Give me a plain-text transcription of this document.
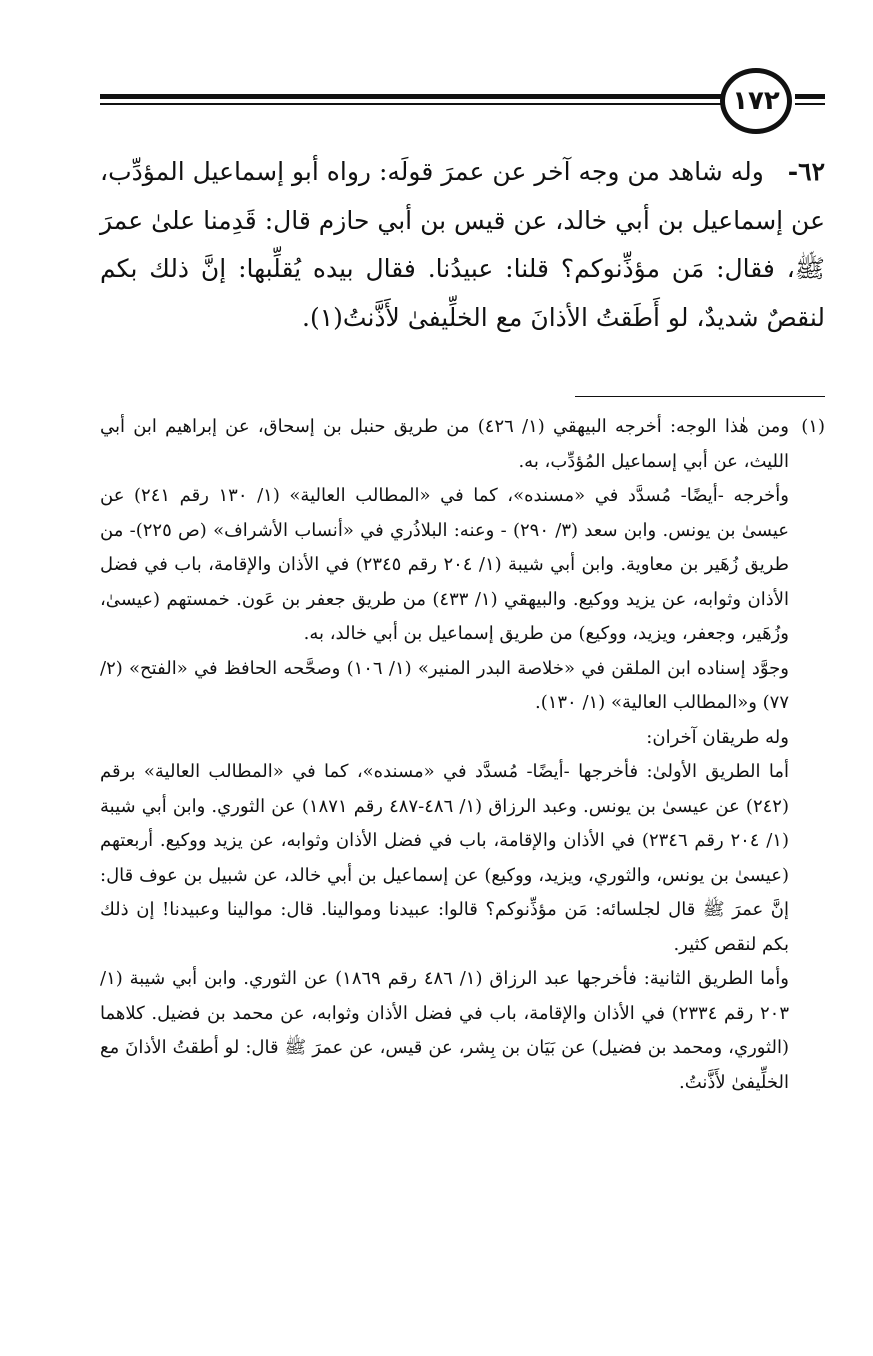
١٧٢

٦٢-   وله شاهد من وجه آخر عن عمرَ قولَه: رواه أبو إسماعيل المؤدِّب، عن إسماعيل بن أبي خالد، عن قيس بن أبي حازم قال: قَدِمنا علىٰ عمرَ ﷺ، فقال: مَن مؤذِّنوكم؟ قلنا: عبيدُنا. فقال بيده يُقلِّبها: إنَّ ذلك بكم لنقصٌ شديدٌ، لو أَطَقتُ الأذانَ مع الخلِّيفىٰ لأَذَّنتُ(١).

(١)

ومن هٰذا الوجه: أخرجه البيهقي (١/ ٤٢٦) من طريق حنبل بن إسحاق، عن إبراهيم ابن أبي الليث، عن أبي إسماعيل المُؤدِّب، به.

وأخرجه -أيضًا- مُسدَّد في «مسنده»، كما في «المطالب العالية» (١/ ١٣٠ رقم ٢٤١) عن عيسىٰ بن يونس. وابن سعد (٣/ ٢٩٠) - وعنه: البلاذُري في «أنساب الأشراف» (ص ٢٢٥)- من طريق زُهَير بن معاوية. وابن أبي شيبة (١/ ٢٠٤ رقم ٢٣٤٥) في الأذان والإقامة، باب في فضل الأذان وثوابه، عن يزيد ووكيع. والبيهقي (١/ ٤٣٣) من طريق جعفر بن عَون. خمستهم (عيسىٰ، وزُهَير، وجعفر، ويزيد، ووكيع) من طريق إسماعيل بن أبي خالد، به.

وجوَّد إسناده ابن الملقن في «خلاصة البدر المنير» (١/ ١٠٦) وصحَّحه الحافظ في «الفتح» (٢/ ٧٧) و«المطالب العالية» (١/ ١٣٠).

وله طريقان آخران:

أما الطريق الأولىٰ: فأخرجها -أيضًا- مُسدَّد في «مسنده»، كما في «المطالب العالية» برقم (٢٤٢) عن عيسىٰ بن يونس. وعبد الرزاق (١/ ٤٨٦-٤٨٧ رقم ١٨٧١) عن الثوري. وابن أبي شيبة (١/ ٢٠٤ رقم ٢٣٤٦) في الأذان والإقامة، باب في فضل الأذان وثوابه، عن يزيد ووكيع. أربعتهم (عيسىٰ بن يونس، والثوري، ويزيد، ووكيع) عن إسماعيل بن أبي خالد، عن شبيل بن عوف قال: إنَّ عمرَ ﷺ قال لجلسائه: مَن مؤذِّنوكم؟ قالوا: عبيدنا وموالينا. قال: موالينا وعبيدنا! إن ذلك بكم لنقص كثير.

وأما الطريق الثانية: فأخرجها عبد الرزاق (١/ ٤٨٦ رقم ١٨٦٩) عن الثوري. وابن أبي شيبة (١/ ٢٠٣ رقم ٢٣٣٤) في الأذان والإقامة، باب في فضل الأذان وثوابه، عن محمد بن فضيل. كلاهما (الثوري، ومحمد بن فضيل) عن بَيَان بن بِشر، عن قيس، عن عمرَ ﷺ قال: لو أطقتُ الأذانَ مع الخلِّيفىٰ لأَذَّنتُ.
